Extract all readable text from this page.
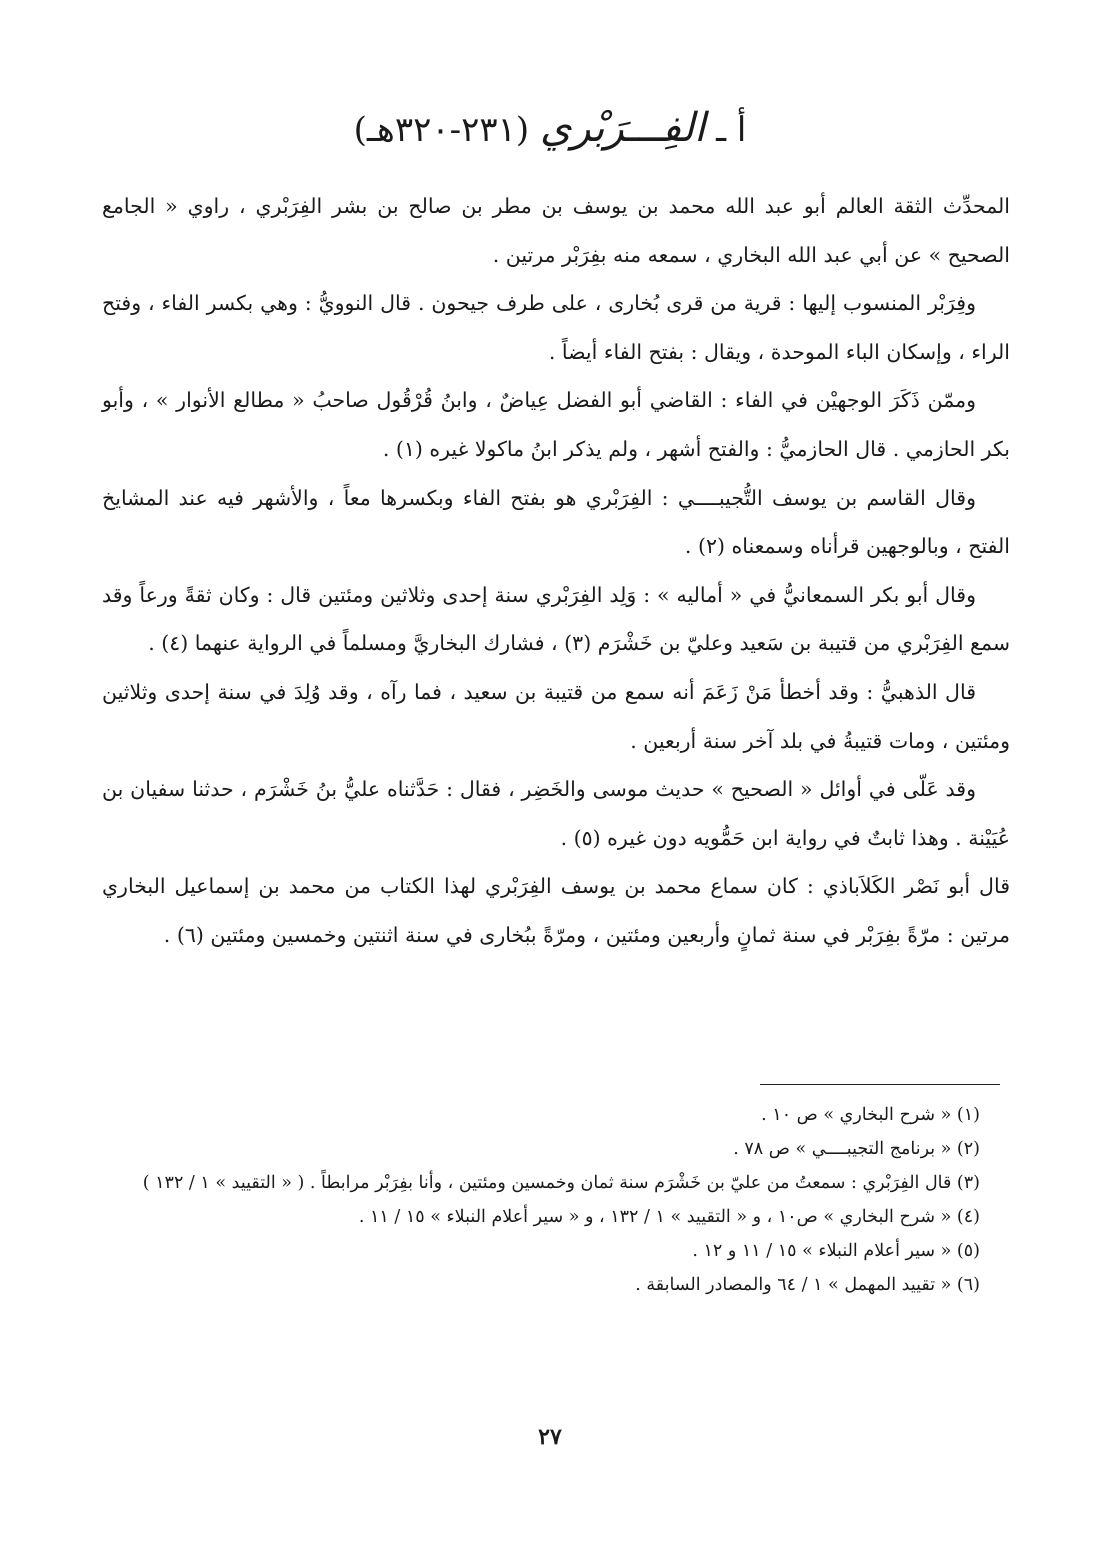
أ ـ الفِـــرَبْري (٢٣١-٣٢٠هـ)

المحدِّث الثقة العالم أبو عبد الله محمد بن يوسف بن مطر بن صالح بن بشر الفِرَبْري ، راوي « الجامع الصحيح » عن أبي عبد الله البخاري ، سمعه منه بفِرَبْر مرتين .

وفِرَبْر المنسوب إليها : قرية من قرى بُخارى ، على طرف جيحون . قال النوويُّ : وهي بكسر الفاء ، وفتح الراء ، وإسكان الباء الموحدة ، ويقال : بفتح الفاء أيضاً .

وممّن ذَكَرَ الوجهيْن في الفاء : القاضي أبو الفضل عِياضٌ ، وابنُ قُرْقُول صاحبُ « مطالع الأنوار » ، وأبو بكر الحازمي . قال الحازميُّ : والفتح أشهر ، ولم يذكر ابنُ ماكولا غيره (١) .

وقال القاسم بن يوسف التُّجيبــــي : الفِرَبْري هو بفتح الفاء وبكسرها معاً ، والأشهر فيه عند المشايخ الفتح ، وبالوجهين قرأناه وسمعناه (٢) .

وقال أبو بكر السمعانيُّ في « أماليه » : وَلِد الفِرَبْري سنة إحدى وثلاثين ومئتين قال : وكان ثقةً ورعاً وقد سمع الفِرَبْري من قتيبة بن سَعيد وعليّ بن خَشْرَم (٣) ، فشارك البخاريَّ ومسلماً في الرواية عنهما (٤) .

قال الذهبيُّ : وقد أخطأ مَنْ زَعَمَ أنه سمع من قتيبة بن سعيد ، فما رآه ، وقد وُلِدَ في سنة إحدى وثلاثين ومئتين ، ومات قتيبةُ في بلد آخر سنة أربعين .

وقد عَلّى في أوائل « الصحيح » حديث موسى والخَضِر ، فقال : حَدَّثناه عليُّ بنُ خَشْرَم ، حدثنا سفيان بن عُيَيْنة . وهذا ثابتٌ في رواية ابن حَمُّويه دون غيره (٥) .

قال أبو نَصْر الكَلاَباذي : كان سماع محمد بن يوسف الفِرَبْري لهذا الكتاب من محمد بن إسماعيل البخاري مرتين : مرّةً بفِرَبْر في سنة ثمانٍ وأربعين ومئتين ، ومرّةً ببُخارى في سنة اثنتين وخمسين ومئتين (٦) .

(١) « شرح البخاري » ص ١٠ .

(٢) « برنامج التجيبــــي » ص ٧٨ .

(٣) قال الفِرَبْري : سمعتُ من عليّ بن خَشْرَم سنة ثمان وخمسين ومئتين ، وأنا بفِرَبْر مرابطاً . ( « التقييد » ١ / ١٣٢ )

(٤) « شرح البخاري » ص١٠ ، و « التقييد » ١ / ١٣٢ ، و « سير أعلام النبلاء » ١٥ / ١١ .

(٥) « سير أعلام النبلاء » ١٥ / ١١ و ١٢ .

(٦) « تقييد المهمل » ١ / ٦٤ والمصادر السابقة .

٢٧
